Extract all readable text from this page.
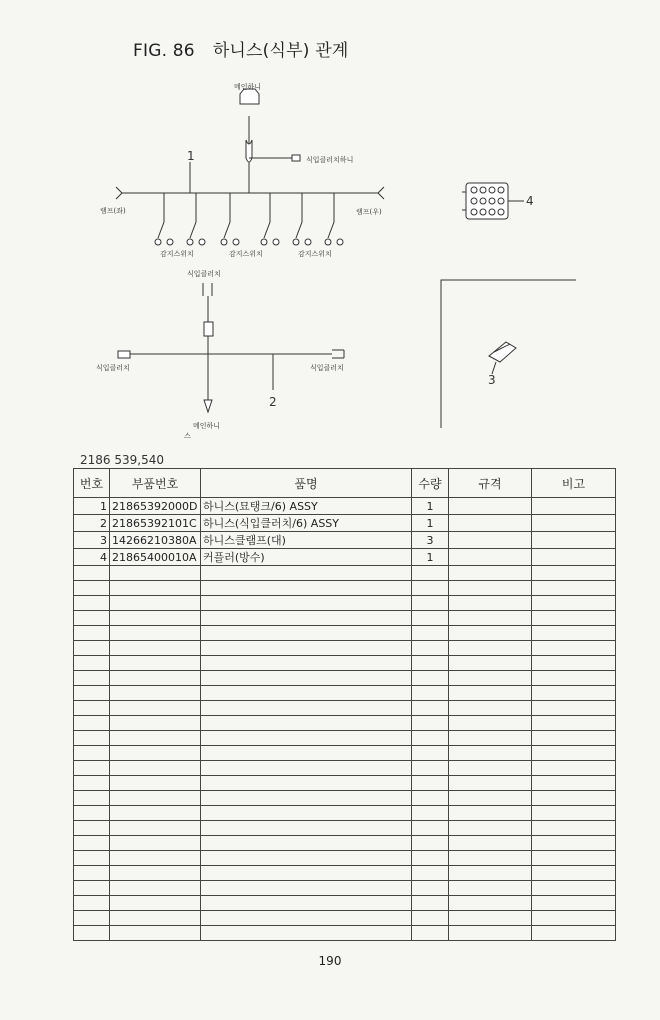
FIG. 86 하니스(식부) 관계
메인하니
식입클러치하니
램프(좌)	램프(우)
감지스위치	감지스위치	감지스위치
식입클러치
식입클러치	식입클러치
메인하니
스
1
2
3
4
2186 539,540
번호	부품번호	품명	수량	규격	비고
1	21865392000D	하니스(묘탱크/6) ASSY	1		
2	21865392101C	하니스(식입클러치/6) ASSY	1		
3	14266210380A	하니스클램프(대)	3		
4	21865400010A	커플러(방수)	1		

190
